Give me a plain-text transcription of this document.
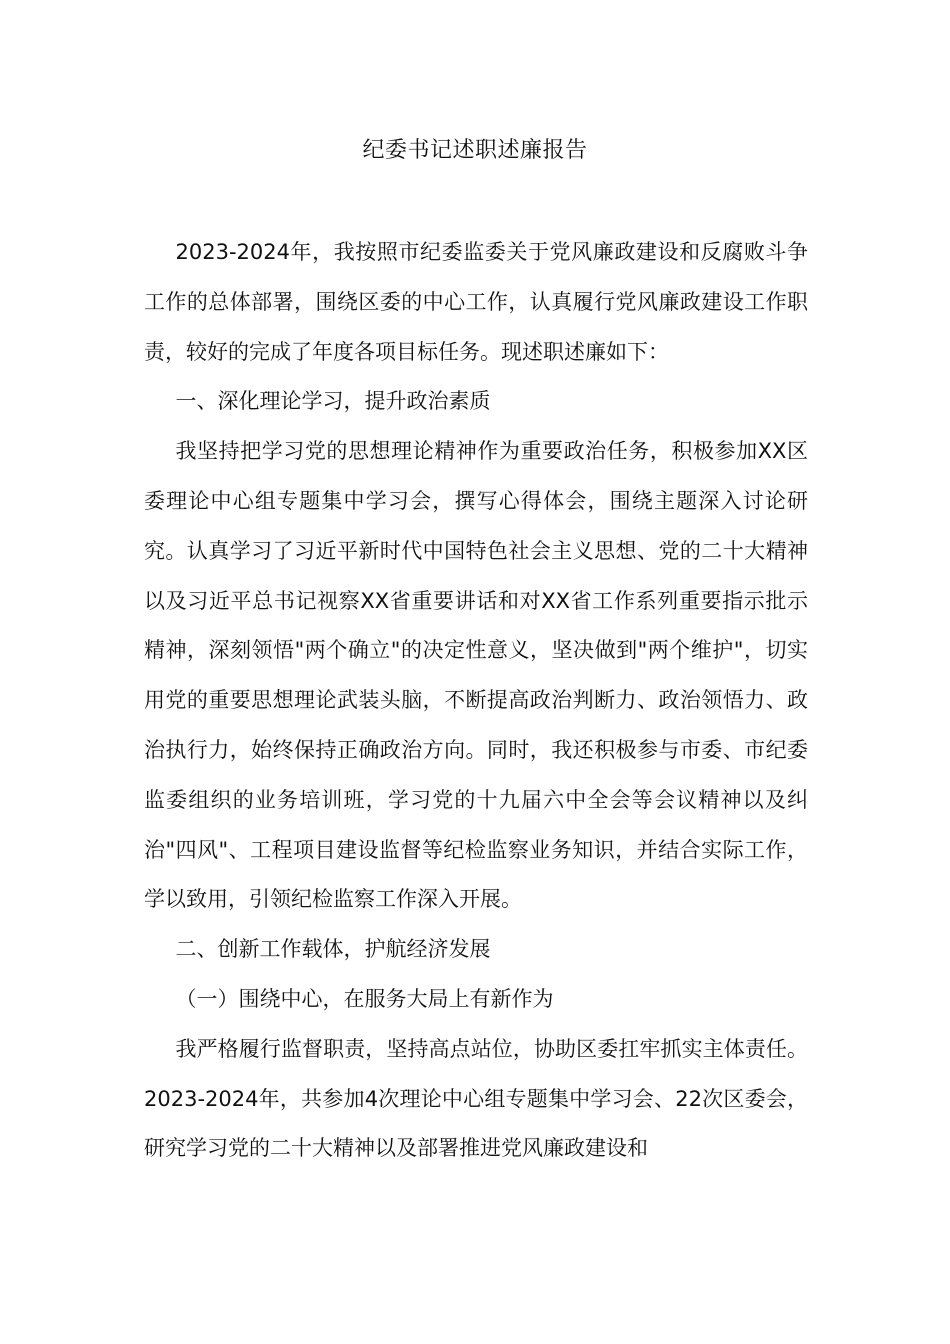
纪委书记述职述廉报告

2023-2024年，我按照市纪委监委关于党风廉政建设和反腐败斗争工作的总体部署，围绕区委的中心工作，认真履行党风廉政建设工作职责，较好的完成了年度各项目标任务。现述职述廉如下：

一、深化理论学习，提升政治素质

我坚持把学习党的思想理论精神作为重要政治任务，积极参加XX区委理论中心组专题集中学习会，撰写心得体会，围绕主题深入讨论研究。认真学习了习近平新时代中国特色社会主义思想、党的二十大精神以及习近平总书记视察XX省重要讲话和对XX省工作系列重要指示批示精神，深刻领悟"两个确立"的决定性意义，坚决做到"两个维护"，切实用党的重要思想理论武装头脑，不断提高政治判断力、政治领悟力、政治执行力，始终保持正确政治方向。同时，我还积极参与市委、市纪委监委组织的业务培训班，学习党的十九届六中全会等会议精神以及纠治"四风"、工程项目建设监督等纪检监察业务知识，并结合实际工作，学以致用，引领纪检监察工作深入开展。

二、创新工作载体，护航经济发展

（一）围绕中心，在服务大局上有新作为

我严格履行监督职责，坚持高点站位，协助区委扛牢抓实主体责任。2023-2024年，共参加4次理论中心组专题集中学习会、22次区委会，研究学习党的二十大精神以及部署推进党风廉政建设和
